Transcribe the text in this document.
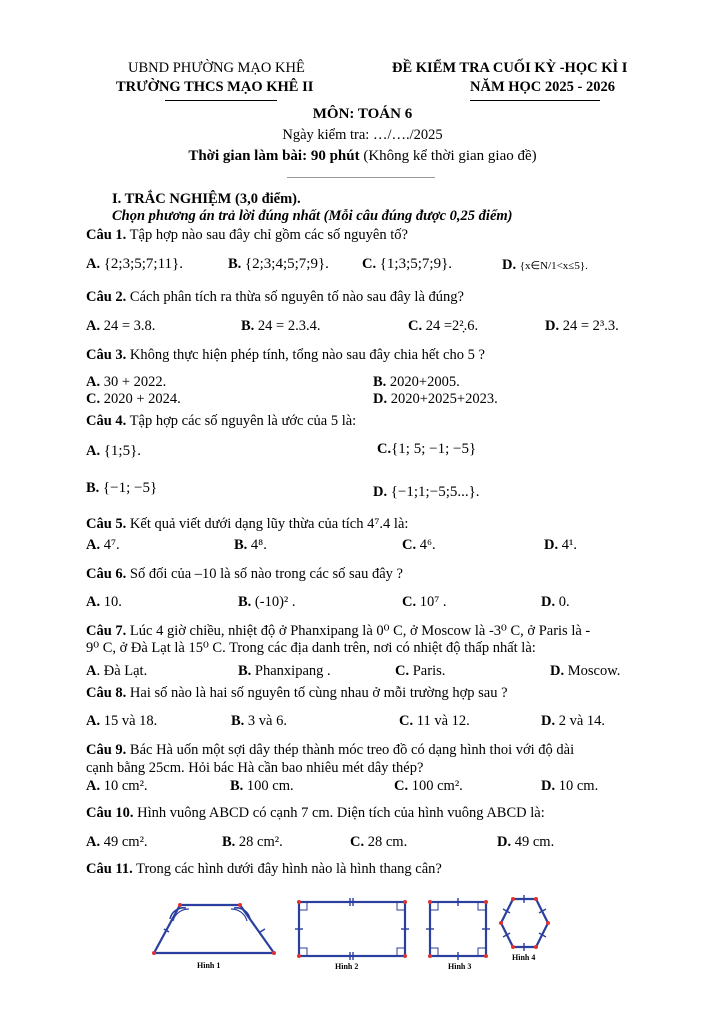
UBND PHƯỜNG MẠO KHÊ
TRƯỜNG THCS MẠO KHÊ II
ĐỀ KIỂM TRA CUỐI KỲ -HỌC KÌ I
NĂM HỌC 2025 - 2026
MÔN: TOÁN 6
Ngày kiểm tra: …/…./2025
Thời gian làm bài: 90 phút (Không kể thời gian giao đề)
I. TRẮC NGHIỆM (3,0 điểm).
Chọn phương án trả lời đúng nhất (Mỗi câu đúng được 0,25 điểm)
Câu 1. Tập hợp nào sau đây chỉ gồm các số nguyên tố?
A. {2;3;5;7;11}.	B. {2;3;4;5;7;9}. C. {1;3;5;7;9}.	D. {x∈N/1<x≤5}.
Câu 2. Cách phân tích ra thừa số nguyên tố nào sau đây là đúng?
A. 24 = 3.8.	B. 24 = 2.3.4.	C. 24 =2²̣.6.	D. 24 = 2³.3.
Câu 3. Không thực hiện phép tính, tổng nào sau đây chia hết cho 5 ?
A. 30 + 2022.	B. 2020+2005.
C. 2020 + 2024.	D. 2020+2025+2023.
Câu 4. Tập hợp các số nguyên là ước của 5 là:
A. {1;5}.	C.{1; 5; −1; −5}
B. {−1; −5}	D. {−1;1;−5;5...}.
Câu 5. Kết quả viết dưới dạng lũy thừa của tích 4⁷.4 là:
A. 4⁷.	B. 4⁸.	C. 4⁶.	D. 4¹.
Câu 6. Số đối của –10 là số nào trong các số sau đây ?
A. 10.	B. (-10)² .	C. 10⁷ .	D. 0.
Câu 7. Lúc 4 giờ chiều, nhiệt độ ở Phanxipang là 0⁰ C, ở Moscow là -3⁰ C, ở Paris là -
9⁰ C, ở Đà Lạt là 15⁰ C. Trong các địa danh trên, nơi có nhiệt độ thấp nhất là:
A. Đà Lạt.	B. Phanxipang .	C. Paris.	D. Moscow.
Câu 8. Hai số nào là hai số nguyên tố cùng nhau ở mỗi trường hợp sau ?
A. 15 và 18.	B. 3 và 6.	C. 11 và 12.	D. 2 và 14.
Câu 9. Bác Hà uốn một sợi dây thép thành móc treo đồ có dạng hình thoi với độ dài
cạnh bằng 25cm. Hỏi bác Hà cần bao nhiêu mét dây thép?
A. 10 cm².	B. 100 cm.	C. 100 cm².	D. 10 cm.
Câu 10. Hình vuông ABCD có cạnh 7 cm. Diện tích của hình vuông ABCD là:
A. 49 cm².	B. 28 cm².	C. 28 cm.	D. 49 cm.
Câu 11. Trong các hình dưới đây hình nào là hình thang cân?
Hình 1	Hình 2	Hình 3
Hình 4
